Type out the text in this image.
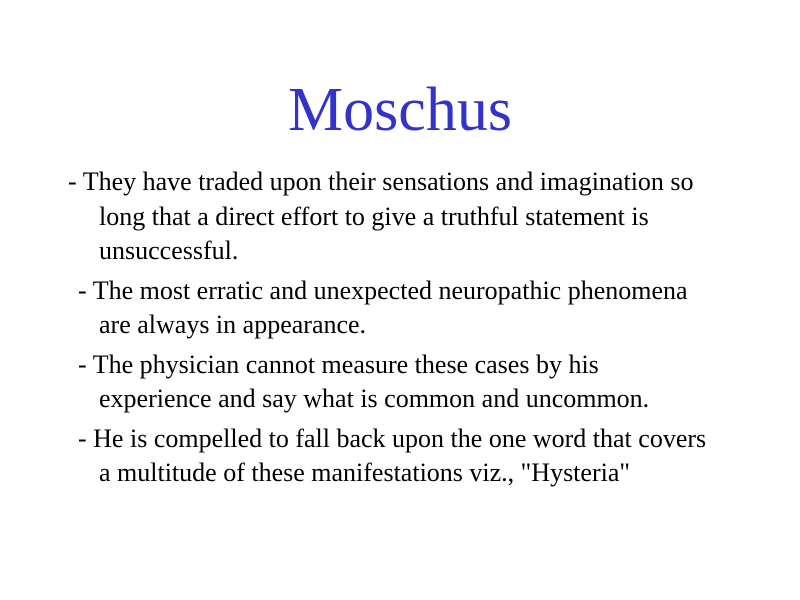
Moschus
- They have traded upon their sensations and imagination so long that a direct effort to give a truthful statement is unsuccessful.
- The most erratic and unexpected neuropathic phenomena are always in appearance.
- The physician cannot measure these cases by his experience and say what is common and uncommon.
- He is compelled to fall back upon the one word that covers a multitude of these manifestations viz., "Hysteria"
